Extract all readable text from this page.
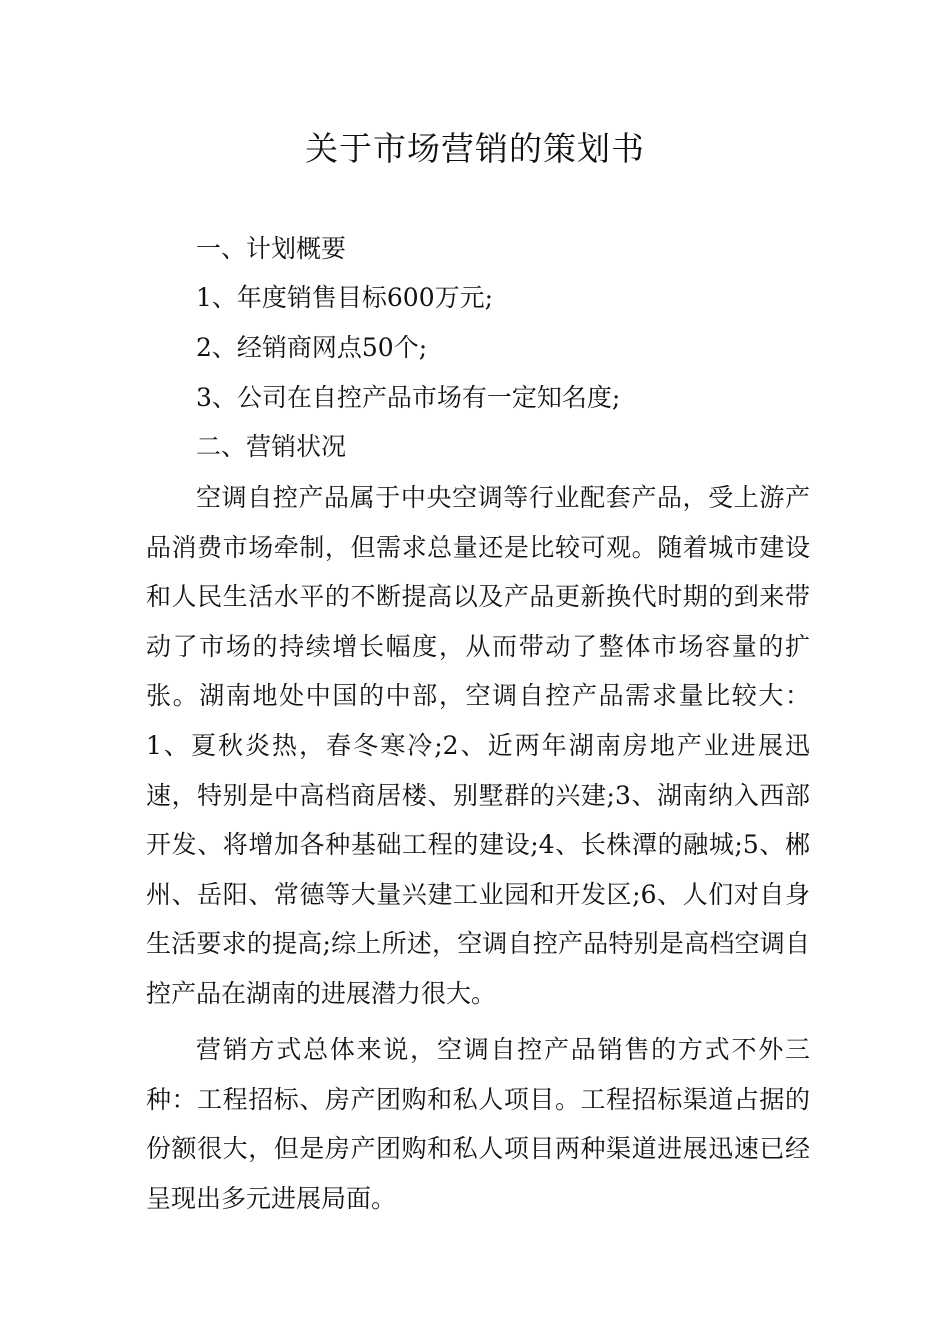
关于市场营销的策划书
一、计划概要
1、年度销售目标600万元;
2、经销商网点50个;
3、公司在自控产品市场有一定知名度;
二、营销状况

空调自控产品属于中央空调等行业配套产品，受上游产品消费市场牵制，但需求总量还是比较可观。随着城市建设和人民生活水平的不断提高以及产品更新换代时期的到来带动了市场的持续增长幅度，从而带动了整体市场容量的扩张。湖南地处中国的中部，空调自控产品需求量比较大：1、夏秋炎热，春冬寒冷;2、近两年湖南房地产业进展迅速，特别是中高档商居楼、别墅群的兴建;3、湖南纳入西部开发、将增加各种基础工程的建设;4、长株潭的融城;5、郴州、岳阳、常德等大量兴建工业园和开发区;6、人们对自身生活要求的提高;综上所述，空调自控产品特别是高档空调自控产品在湖南的进展潜力很大。

营销方式总体来说，空调自控产品销售的方式不外三种：工程招标、房产团购和私人项目。工程招标渠道占据的份额很大，但是房产团购和私人项目两种渠道进展迅速已经呈现出多元进展局面。
